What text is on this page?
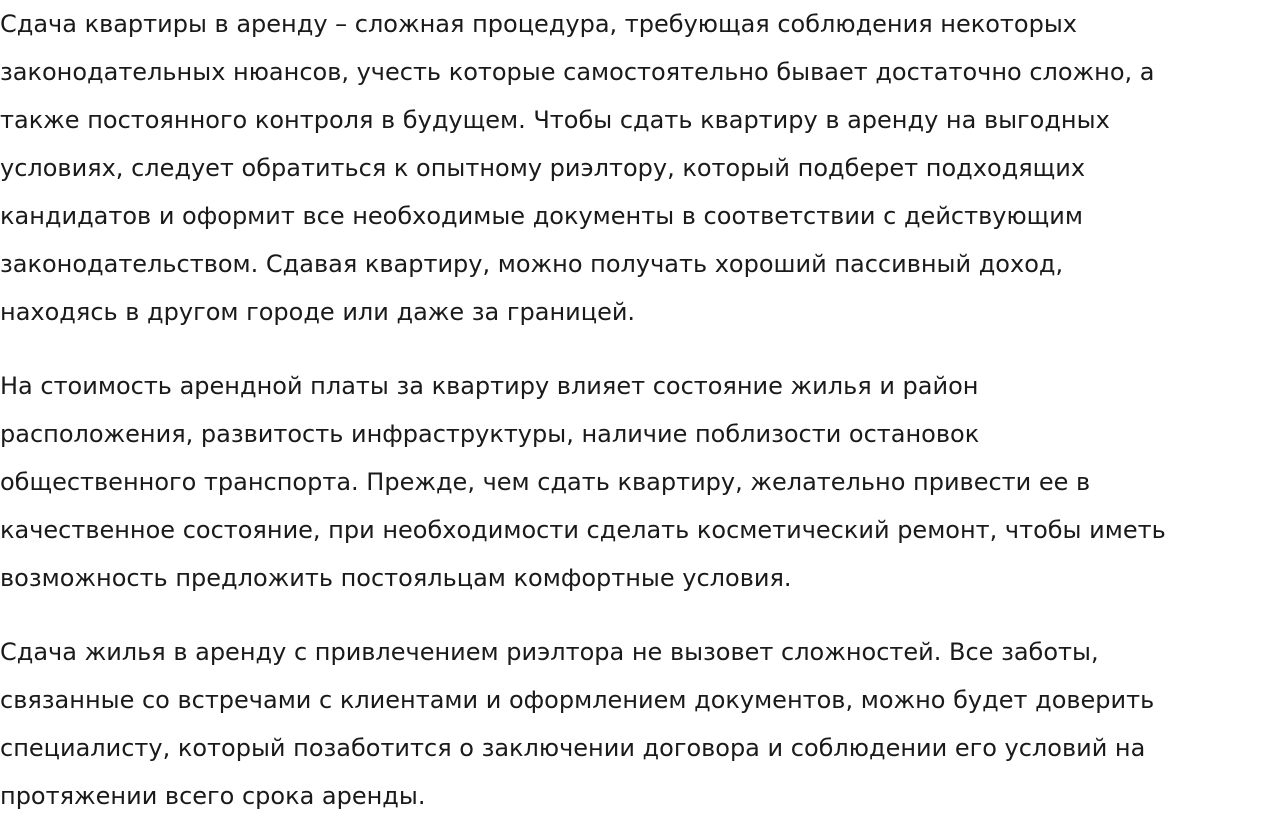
Сдача квартиры в аренду – сложная процедура, требующая соблюдения некоторых
законодательных нюансов, учесть которые самостоятельно бывает достаточно сложно, а
также постоянного контроля в будущем. Чтобы сдать квартиру в аренду на выгодных
условиях, следует обратиться к опытному риэлтору, который подберет подходящих
кандидатов и оформит все необходимые документы в соответствии с действующим
законодательством. Сдавая квартиру, можно получать хороший пассивный доход,
находясь в другом городе или даже за границей.

На стоимость арендной платы за квартиру влияет состояние жилья и район
расположения, развитость инфраструктуры, наличие поблизости остановок
общественного транспорта. Прежде, чем сдать квартиру, желательно привести ее в
качественное состояние, при необходимости сделать косметический ремонт, чтобы иметь
возможность предложить постояльцам комфортные условия.

Сдача жилья в аренду с привлечением риэлтора не вызовет сложностей. Все заботы,
связанные со встречами с клиентами и оформлением документов, можно будет доверить
специалисту, который позаботится о заключении договора и соблюдении его условий на
протяжении всего срока аренды.
